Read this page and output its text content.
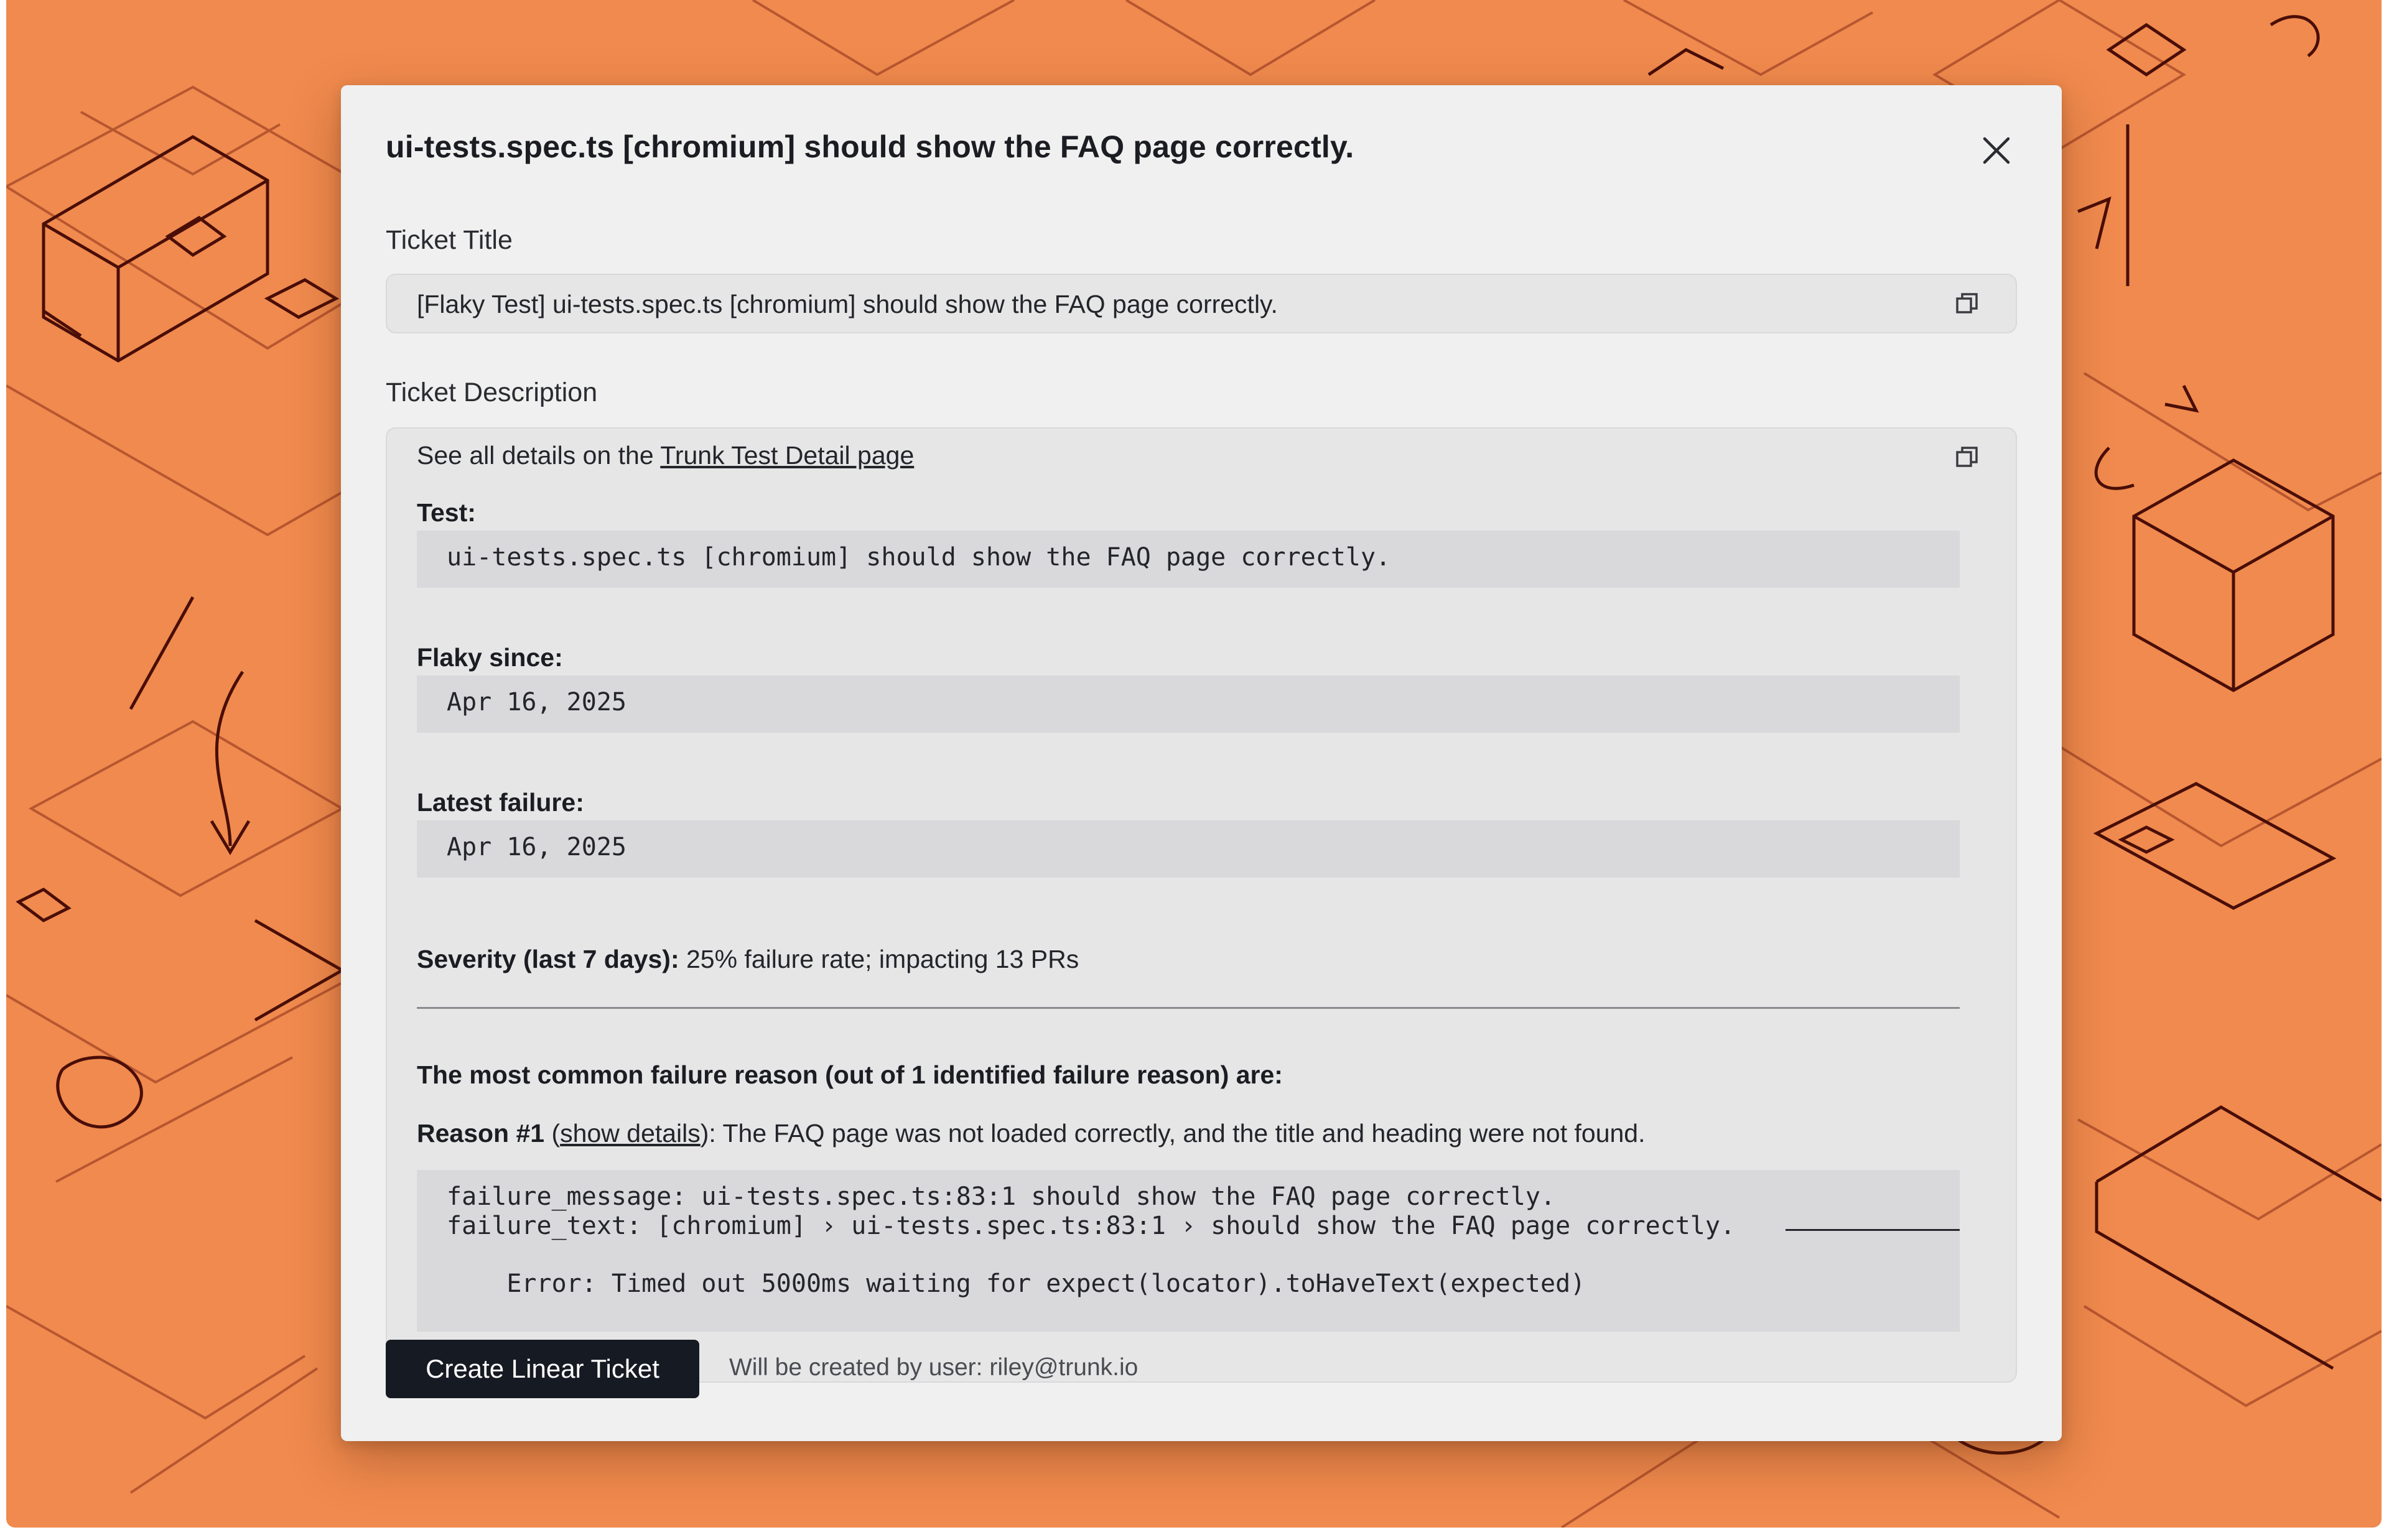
ui-tests.spec.ts [chromium] should show the FAQ page correctly.
Ticket Title
[Flaky Test] ui-tests.spec.ts [chromium] should show the FAQ page correctly.
Ticket Description
See all details on the Trunk Test Detail page
Test:
ui-tests.spec.ts [chromium] should show the FAQ page correctly.
Flaky since:
Apr 16, 2025
Latest failure:
Apr 16, 2025
Severity (last 7 days): 25% failure rate; impacting 13 PRs
The most common failure reason (out of 1 identified failure reason) are:
Reason #1 (show details): The FAQ page was not loaded correctly, and the title and heading were not found.
failure_message: ui-tests.spec.ts:83:1 should show the FAQ page correctly.
failure_text: [chromium] › ui-tests.spec.ts:83:1 › should show the FAQ page correctly.
Error: Timed out 5000ms waiting for expect(locator).toHaveText(expected)
Create Linear Ticket	Will be created by user: riley@trunk.io
